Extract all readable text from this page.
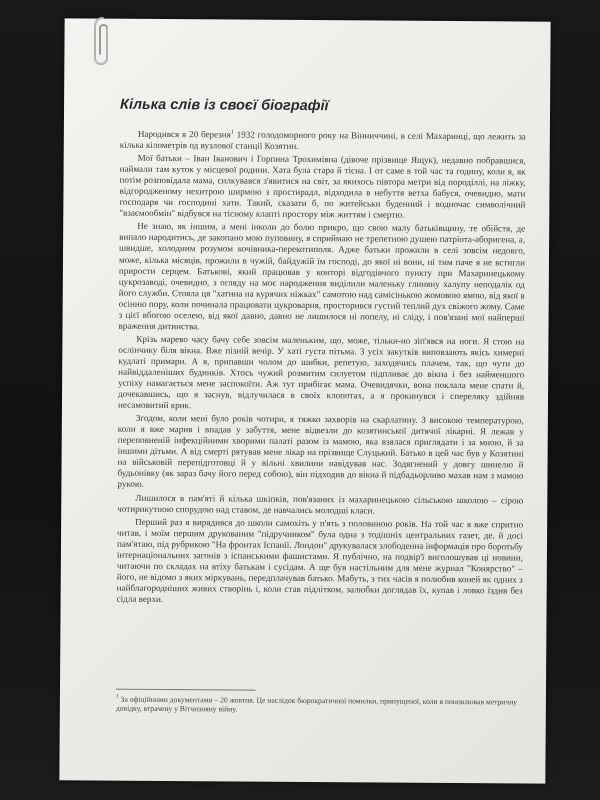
Кілька слів із своєї біографії

Народився я 20 березня$^1$ 1932 голодоморного року на Вінниччині, в селі Махаринці, що лежить за кілька кілометрів од вузлової станції Козятин.

Мої батьки – Іван Іванович і Горпина Трохимівна (дівоче прізвище Ящук), недавно побравшися, наймали там куток у місцевої родини. Хата була стара й тісна. І от саме в той час та годину, коли я, як потім розповідала мама, силкувався з'явитися на світ, за якихось півтора метри від породіллі, на ліжку, відгородженому нехитрою ширмою з простирадл, відходила в небуття ветха бабуся, очевидно, мати господаря чи господині хати. Такий, сказати б, по житейськи буденний і водночас символічний "взаємообмін" відбувся на тісному клапті простору між життям і смертю.

Не знаю, як іншим, а мені інколи до болю прикро, що свою малу батьківщину, те обійстя, де випало народитись, де закопано мою пуповину, я сприймаю не трепетною душею патріота-аборигена, а, швидше, холодним розумом кочівника-перекотиполя. Адже батьки прожили в селі зовсім недовго, може, кілька місяців, прожили в чужій, байдужій їм господі, до якої ні вони, ні тим паче я не встигли прирости серцем. Батькові, який працював у конторі відгодівчого пункту при Махаринецькому цукрозаводі, очевидно, з огляду на моє народження виділили маленьку глиняну халупу неподалік од його служби. Стояла ця "хатина на курячих ніжках" самотою над самісінькою жомовою ямою, від якої в осінню пору, коли починала працювати цукроварня, просторився густий теплий дух свіжого жому. Саме з цієї вбогою оселею, від якої давно, давно не лишилося ні попелу, ні сліду, і пов'язані мої найперші враження дитинства.

Крізь марево часу бачу себе зовсім маленьким, що, може, тільки-но зіп'явся на ноги. Я стою на ослінчику біля вікна. Вже пізній вечір. У хаті густа пітьма. З усіх закутків виповзають якісь химерні кудлаті примари. А я, припавши чолом до шибки, репетую, заходячись плачем, так, що чути до найвіддаленіших будинків. Хтось чужий розмитим силуетом підпливає до вікна і без найменшого успіху намагається мене заспокоїти. Аж тут прибігає мама. Очевидячки, вона поклала мене спати й, дочекавшись, що я заснув, відлучилася в своїх клопотах, а я прокинувся і спереляку здійняв несамовитий крик.

Згодом, коли мені було років чотири, я тяжко захворів на скарлатину. З високою температурою, коли я вже марив і впадав у забуття, мене відвезли до козятинської дитячої лікарні. Я лежав у переповненій інфекційними хворими палаті разом із мамою, яка взялася приглядати і за мною, й за іншими дітьми. А від смерті рятував мене лікар на прізвище Слуцький. Батько в цей час був у Козятині на військовій перепідготовці й у вільні хвилини навідував нас. Зодягнений у довгу шинелю й будьонівку (як зараз бачу його перед собою), він підходив до вікна й підбадьорливо махав нам з мамою рукою.

Лишилося в пам'яті й кілька шкіпків, пов'язаних із махаринецькою сільською школою – сірою чотирикутною спорудою над ставом, де навчались молодші класи.

Перший раз я вирядився до школи самохіть у п'ять з половиною років. На той час я вже спритно читав, і моїм першим друкованим "підручником" була одна з тодішніх центральних газет, де, й досі пам'ятаю, під рубрикою "На фронтах Іспанії. Лондон" друкувалася злободенна інформація про боротьбу інтернаціональних загонів з іспанськими фашистами. Я публічно, на подвір'ї виголошував ці новини, читаючи по складах на втіху батькам і сусідам. А ще був настільним для мене журнал "Конярство" – його, не відомо з яких міркувань, передплачував батько. Мабуть, з тих часів я полюбив коней як одних з найблагородніших живих створінь і, коли став підлітком, залюбки доглядав їх, купав і ловко їздив без сідла верхи.

$^1$ За офіційними документами – 20 жовтня. Це наслідок бюрократичної помилки, припущеної, коли я поновлював метричну довідку, втрачену у Вітчизняну війну.
